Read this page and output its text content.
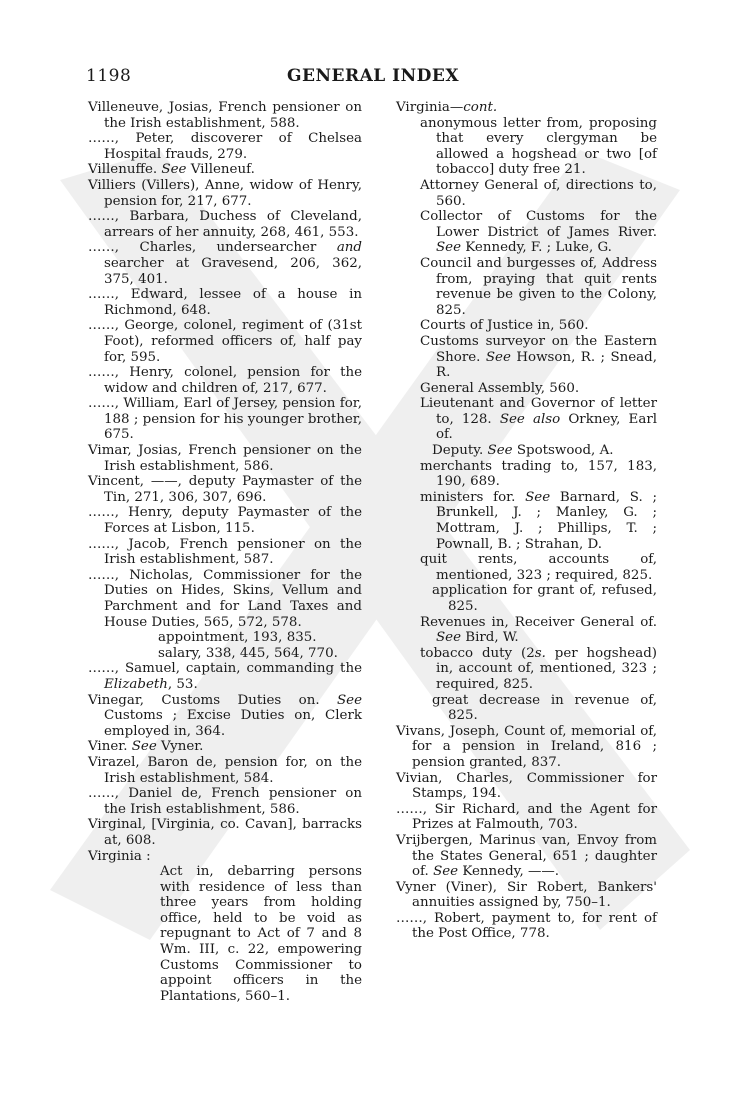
1198	GENERAL INDEX

Villeneuve, Josias, French pensioner on the Irish establishment, 588.

……, Peter, discoverer of Chelsea Hospital frauds, 279.

Villenuffe. See Villeneuf.

Villiers (Villers), Anne, widow of Henry, pension for, 217, 677.

……, Barbara, Duchess of Cleveland, arrears of her annuity, 268, 461, 553.

……, Charles, undersearcher and searcher at Gravesend, 206, 362, 375, 401.

……, Edward, lessee of a house in Richmond, 648.

……, George, colonel, regiment of (31st Foot), reformed officers of, half pay for, 595.

……, Henry, colonel, pension for the widow and children of, 217, 677.

……, William, Earl of Jersey, pension for, 188 ; pension for his younger brother, 675.

Vimar, Josias, French pensioner on the Irish establishment, 586.

Vincent, ——, deputy Paymaster of the Tin, 271, 306, 307, 696.

……, Henry, deputy Paymaster of the Forces at Lisbon, 115.

……, Jacob, French pensioner on the Irish establishment, 587.

……, Nicholas, Commissioner for the Duties on Hides, Skins, Vellum and Parchment and for Land Taxes and House Duties, 565, 572, 578.

appointment, 193, 835.

salary, 338, 445, 564, 770.

……, Samuel, captain, commanding the Elizabeth, 53.

Vinegar, Customs Duties on. See Customs ; Excise Duties on, Clerk employed in, 364.

Viner. See Vyner.

Virazel, Baron de, pension for, on the Irish establishment, 584.

……, Daniel de, French pensioner on the Irish establishment, 586.

Virginal, [Virginia, co. Cavan], barracks at, 608.

Virginia :

Act in, debarring persons with residence of less than three years from holding office, held to be void as repugnant to Act of 7 and 8 Wm. III, c. 22, empowering Customs Commissioner to appoint officers in the Plantations, 560–1.

Virginia—cont.

anonymous letter from, proposing that every clergyman be allowed a hogshead or two [of tobacco] duty free 21.

Attorney General of, directions to, 560.

Collector of Customs for the Lower District of James River. See Kennedy, F. ; Luke, G.

Council and burgesses of, Address from, praying that quit rents revenue be given to the Colony, 825.

Courts of Justice in, 560.

Customs surveyor on the Eastern Shore. See Howson, R. ; Snead, R.

General Assembly, 560.

Lieutenant and Governor of letter to, 128. See also Orkney, Earl of.

Deputy. See Spotswood, A.

merchants trading to, 157, 183, 190, 689.

ministers for. See Barnard, S. ; Brunkell, J. ; Manley, G. ; Mottram, J. ; Phillips, T. ; Pownall, B. ; Strahan, D.

quit rents, accounts of, mentioned, 323 ; required, 825.

application for grant of, refused, 825.

Revenues in, Receiver General of. See Bird, W.

tobacco duty (2s. per hogshead) in, account of, mentioned, 323 ; required, 825.

great decrease in revenue of, 825.

Vivans, Joseph, Count of, memorial of, for a pension in Ireland, 816 ; pension granted, 837.

Vivian, Charles, Commissioner for Stamps, 194.

……, Sir Richard, and the Agent for Prizes at Falmouth, 703.

Vrijbergen, Marinus van, Envoy from the States General, 651 ; daughter of. See Kennedy, ——.

Vyner (Viner), Sir Robert, Bankers' annuities assigned by, 750–1.

……, Robert, payment to, for rent of the Post Office, 778.
